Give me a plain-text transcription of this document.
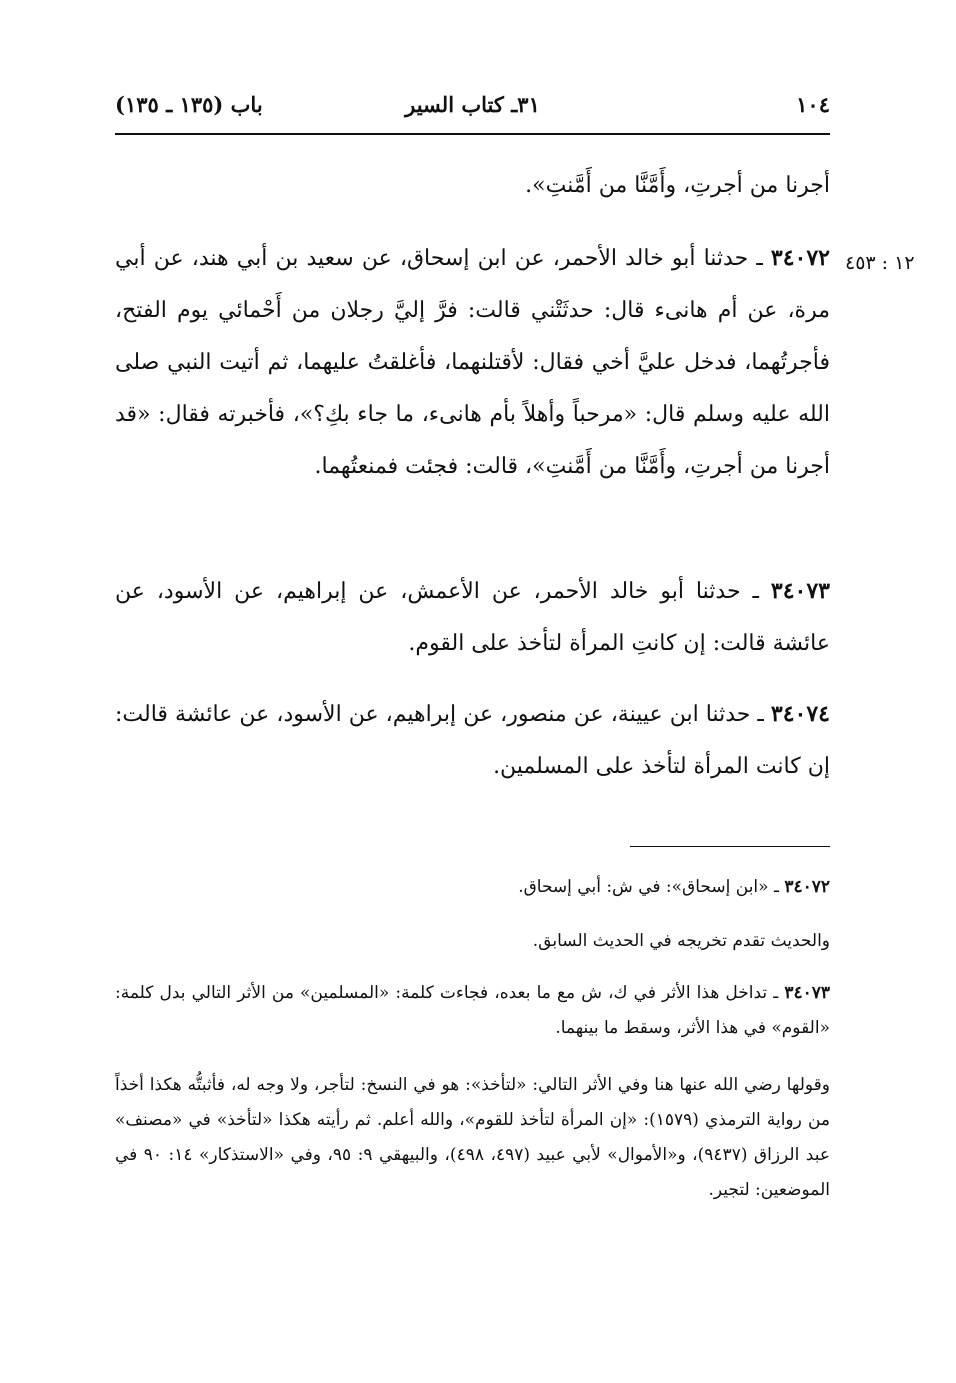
١٠٤
٣١ـ كتاب السير
باب (١٣٥ ـ ١٣٥)

أجرنا من أجرتِ، وأَمَّنَّا من أَمَّنتِ».

١٢ : ٤٥٣

٣٤٠٧٢ ـ حدثنا أبو خالد الأحمر، عن ابن إسحاق، عن سعيد بن أبي هند، عن أبي مرة، عن أم هانىء قال: حدثَتْني قالت: فرَّ إليَّ رجلان من أَحْمائي يوم الفتح، فأجرتُهما، فدخل عليَّ أخي فقال: لأقتلنهما، فأغلقتُ عليهما، ثم أتيت النبي صلى الله عليه وسلم قال: «مرحباً وأهلاً بأم هانىء، ما جاء بكِ؟»، فأخبرته فقال: «قد أجرنا من أجرتِ، وأَمَّنَّا من أَمَّنتِ»، قالت: فجئت فمنعتُهما.

٣٤٠٧٣ ـ حدثنا أبو خالد الأحمر، عن الأعمش، عن إبراهيم، عن الأسود، عن عائشة قالت: إن كانتِ المرأة لتأخذ على القوم.

٣٤٠٧٤ ـ حدثنا ابن عيينة، عن منصور، عن إبراهيم، عن الأسود، عن عائشة قالت: إن كانت المرأة لتأخذ على المسلمين.

٣٤٠٧٢ ـ «ابن إسحاق»: في ش: أبي إسحاق.

والحديث تقدم تخريجه في الحديث السابق.

٣٤٠٧٣ ـ تداخل هذا الأثر في ك، ش مع ما بعده، فجاءت كلمة: «المسلمين» من الأثر التالي بدل كلمة: «القوم» في هذا الأثر، وسقط ما بينهما.

وقولها رضي الله عنها هنا وفي الأثر التالي: «لتأخذ»: هو في النسخ: لتأجر، ولا وجه له، فأثبتُّه هكذا أخذاً من رواية الترمذي (١٥٧٩): «إن المرأة لتأخذ للقوم»، والله أعلم. ثم رأيته هكذا «لتأخذ» في «مصنف» عبد الرزاق (٩٤٣٧)، و«الأموال» لأبي عبيد (٤٩٧، ٤٩٨)، والبيهقي ٩: ٩٥، وفي «الاستذكار» ١٤: ٩٠ في الموضعين: لتجير.
